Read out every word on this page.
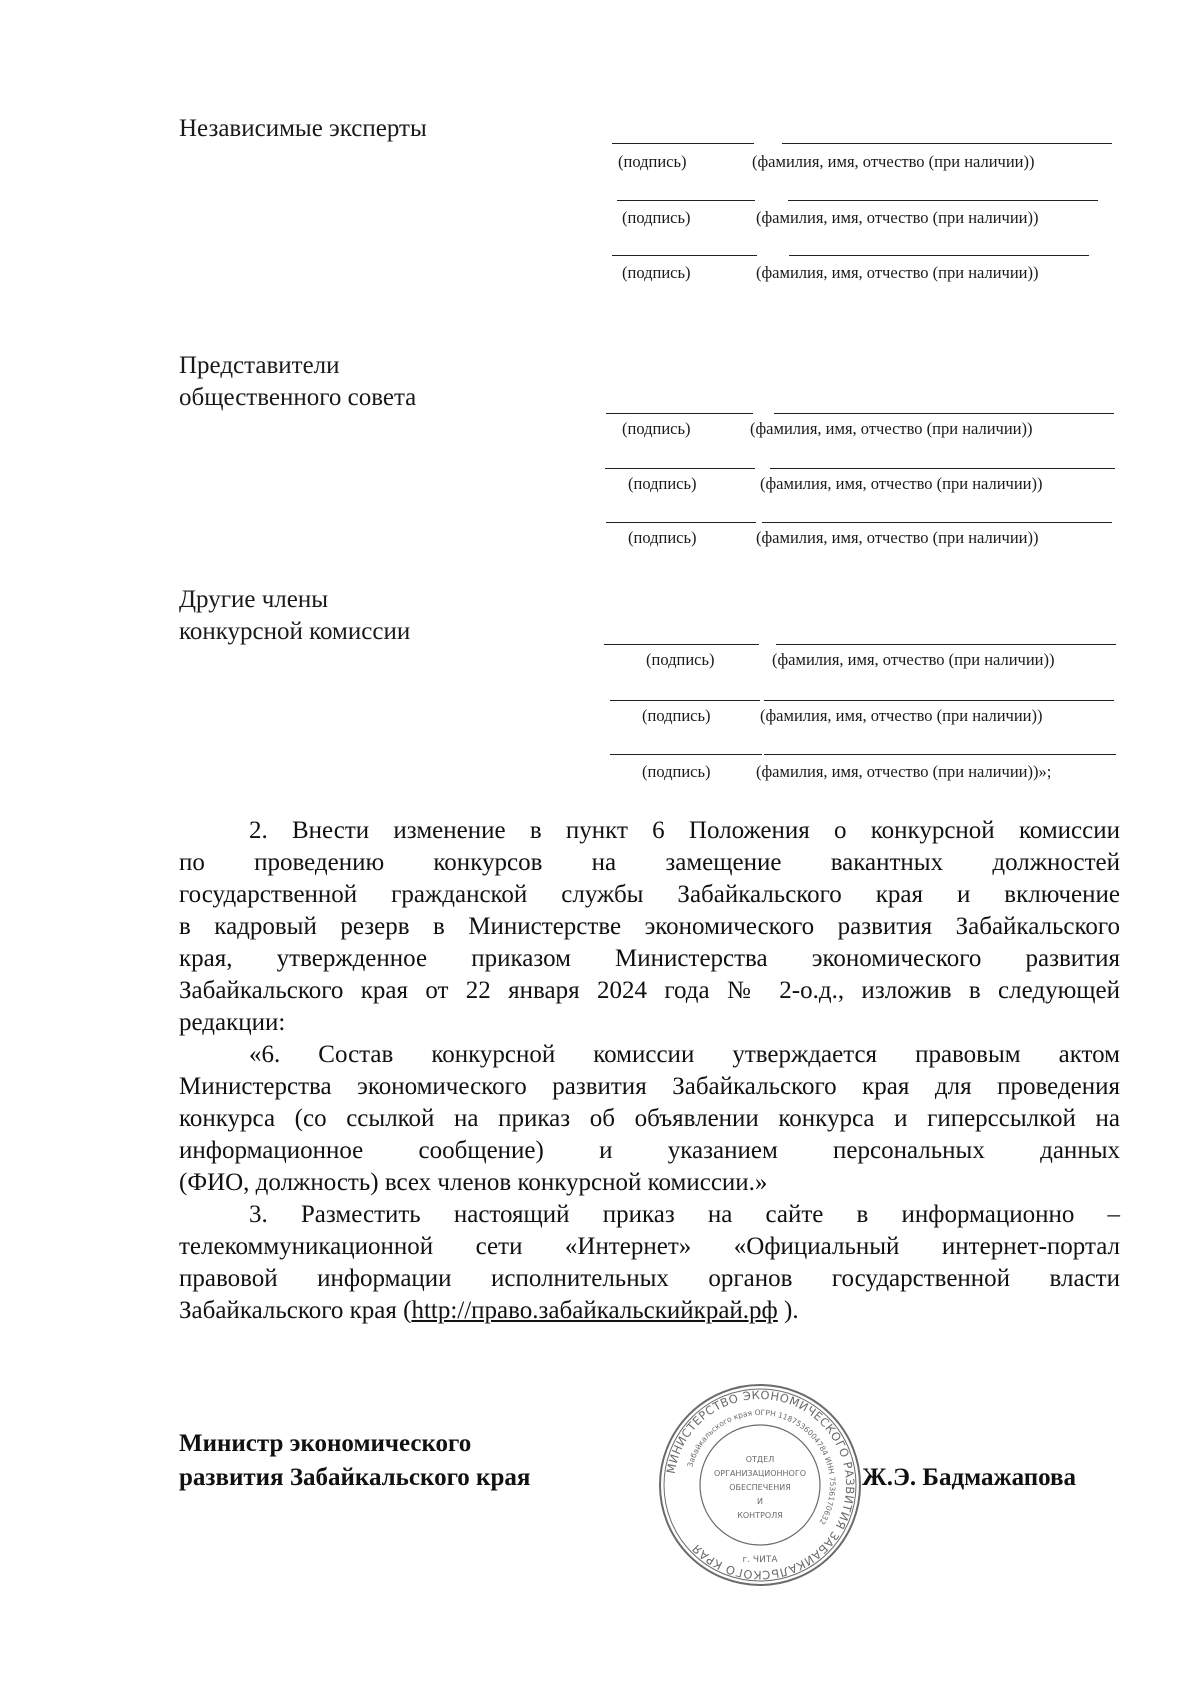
Независимые эксперты
(подпись)	(фамилия, имя, отчество (при наличии))
(подпись)	(фамилия, имя, отчество (при наличии))
(подпись)	(фамилия, имя, отчество (при наличии))
Представители
общественного совета
(подпись)	(фамилия, имя, отчество (при наличии))
(подпись)	(фамилия, имя, отчество (при наличии))
(подпись)	(фамилия, имя, отчество (при наличии))
Другие члены
конкурсной комиссии
(подпись)	(фамилия, имя, отчество (при наличии))
(подпись)	(фамилия, имя, отчество (при наличии))
(подпись)	(фамилия, имя, отчество (при наличии))»;

2. Внести изменение в пункт 6 Положения о конкурсной комиссии

по проведению конкурсов на замещение вакантных должностей

государственной гражданской службы Забайкальского края и включение

в кадровый резерв в Министерстве экономического развития Забайкальского

края, утвержденное приказом Министерства экономического развития

Забайкальского края от 22 января 2024 года № 2-о.д., изложив в следующей

редакции:

«6. Состав конкурсной комиссии утверждается правовым актом

Министерства экономического развития Забайкальского края для проведения

конкурса (со ссылкой на приказ об объявлении конкурса и гиперссылкой на

информационное сообщение) и указанием персональных данных

(ФИО, должность) всех членов конкурсной комиссии.»

3. Разместить настоящий приказ на сайте в информационно –

телекоммуникационной сети «Интернет» «Официальный интернет-портал

правовой информации исполнительных органов государственной власти

Забайкальского края (http://право.забайкальскийкрай.рф ).

Министр экономического
развития Забайкальского края	Ж.Э. Бадмажапова
МИНИСТЕРСТВО ЭКОНОМИЧЕСКОГО РАЗВИТИЯ ЗАБАЙКАЛЬСКОГО КРАЯ
Забайкальского края ОГРН 1187536004784 ИНН 7536170632
ОТДЕЛ
ОРГАНИЗАЦИОННОГО
ОБЕСПЕЧЕНИЯ
И
КОНТРОЛЯ
г. ЧИТА
